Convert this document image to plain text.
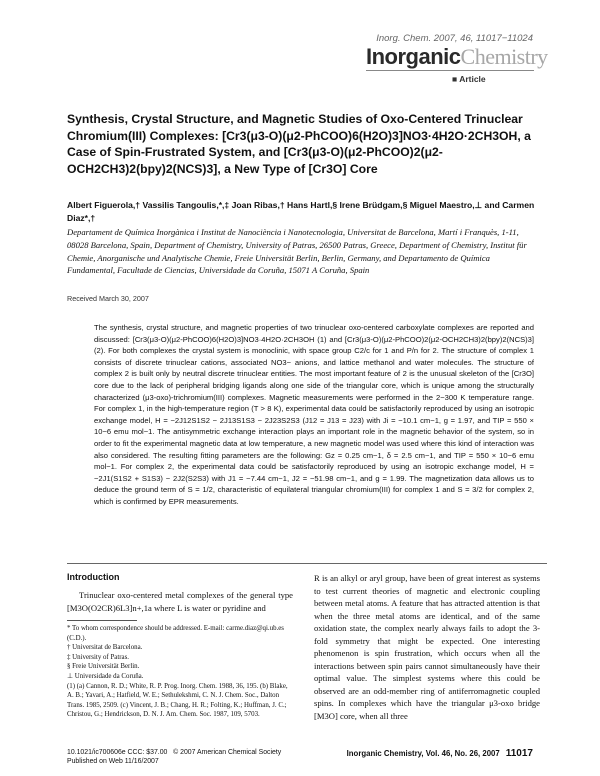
Inorg. Chem. 2007, 46, 11017−11024
InorganicChemistry
■ Article
Synthesis, Crystal Structure, and Magnetic Studies of Oxo-Centered Trinuclear Chromium(III) Complexes: [Cr3(μ3-O)(μ2-PhCOO)6(H2O)3]NO3·4H2O·2CH3OH, a Case of Spin-Frustrated System, and [Cr3(μ3-O)(μ2-PhCOO)2(μ2-OCH2CH3)2(bpy)2(NCS)3], a New Type of [Cr3O] Core

Albert Figuerola,† Vassilis Tangoulis,*,‡ Joan Ribas,† Hans Hartl,§ Irene Brüdgam,§ Miguel Maestro,⊥ and Carmen Diaz*,†

Departament de Química Inorgànica i Institut de Nanociència i Nanotecnologia, Universitat de Barcelona, Martí i Franquès, 1-11, 08028 Barcelona, Spain, Department of Chemistry, University of Patras, 26500 Patras, Greece, Department of Chemistry, Institut für Chemie, Anorganische und Analytische Chemie, Freie Universität Berlin, Berlin, Germany, and Departamento de Química Fundamental, Facultade de Ciencias, Universidade da Coruña, 15071 A Coruña, Spain

Received March 30, 2007

The synthesis, crystal structure, and magnetic properties of two trinuclear oxo-centered carboxylate complexes are reported and discussed: [Cr3(μ3-O)(μ2-PhCOO)6(H2O)3]NO3·4H2O·2CH3OH (1) and [Cr3(μ3-O)(μ2-PhCOO)2(μ2-OCH2CH3)2(bpy)2(NCS)3] (2). For both complexes the crystal system is monoclinic, with space group C2/c for 1 and P/n for 2. The structure of complex 1 consists of discrete trinuclear cations, associated NO3− anions, and lattice methanol and water molecules. The structure of complex 2 is built only by neutral discrete trinuclear entities. The most important feature of 2 is the unusual skeleton of the [Cr3O] core due to the lack of peripheral bridging ligands along one side of the triangular core, which is unique among the structurally characterized (μ3-oxo)-trichromium(III) complexes. Magnetic measurements were performed in the 2−300 K temperature range. For complex 1, in the high-temperature region (T > 8 K), experimental data could be satisfactorily reproduced by using an isotropic exchange model, H = −2J12S1S2 − 2J13S1S3 − 2J23S2S3 (J12 = J13 = J23) with Ji = −10.1 cm−1, g = 1.97, and TIP = 550 × 10−6 emu mol−1. The antisymmetric exchange interaction plays an important role in the magnetic behavior of the system, so in order to fit the experimental magnetic data at low temperature, a new magnetic model was used where this kind of interaction was also considered. The resulting fitting parameters are the following: Gz = 0.25 cm−1, δ = 2.5 cm−1, and TIP = 550 × 10−6 emu mol−1. For complex 2, the experimental data could be satisfactorily reproduced by using an isotropic exchange model, H = −2J1(S1S2 + S1S3) − 2J2(S2S3) with J1 = −7.44 cm−1, J2 = −51.98 cm−1, and g = 1.99. The magnetization data allows us to deduce the ground term of S = 1/2, characteristic of equilateral triangular chromium(III) for complex 1 and S = 3/2 for complex 2, which is confirmed by EPR measurements.

Introduction

Trinuclear oxo-centered metal complexes of the general type [M3O(O2CR)6L3]n+,1a where L is water or pyridine and

R is an alkyl or aryl group, have been of great interest as systems to test current theories of magnetic and electronic coupling between metal atoms. A feature that has attracted attention is that when the three metal atoms are identical, and of the same oxidation state, the complex nearly always fails to adopt the 3-fold symmetry that might be expected. One interesting phenomenon is spin frustration, which occurs when all the interactions between spin pairs cannot simultaneously have their optimal value. The simplest systems where this could be observed are an odd-member ring of antiferromagnetic coupled spins. In complexes which have the triangular μ3-oxo bridge [M3O] core, when all three

* To whom correspondence should be addressed. E-mail: carme.diaz@qi.ub.es (C.D.).

† Universitat de Barcelona.

‡ University of Patras.

§ Freie Universität Berlin.

⊥ Universidade da Coruña.

(1) (a) Cannon, R. D.; White, R. P. Prog. Inorg. Chem. 1988, 36, 195. (b) Blake, A. B.; Yavari, A.; Hatfield, W. E.; Sethulekshmi, C. N. J. Chem. Soc., Dalton Trans. 1985, 2509. (c) Vincent, J. B.; Chang, H. R.; Folting, K.; Huffman, J. C.; Christou, G.; Hendrickson, D. N. J. Am. Chem. Soc. 1987, 109, 5703.

10.1021/ic700606e CCC: $37.00 © 2007 American Chemical Society
Published on Web 11/16/2007
Inorganic Chemistry, Vol. 46, No. 26, 2007 11017
